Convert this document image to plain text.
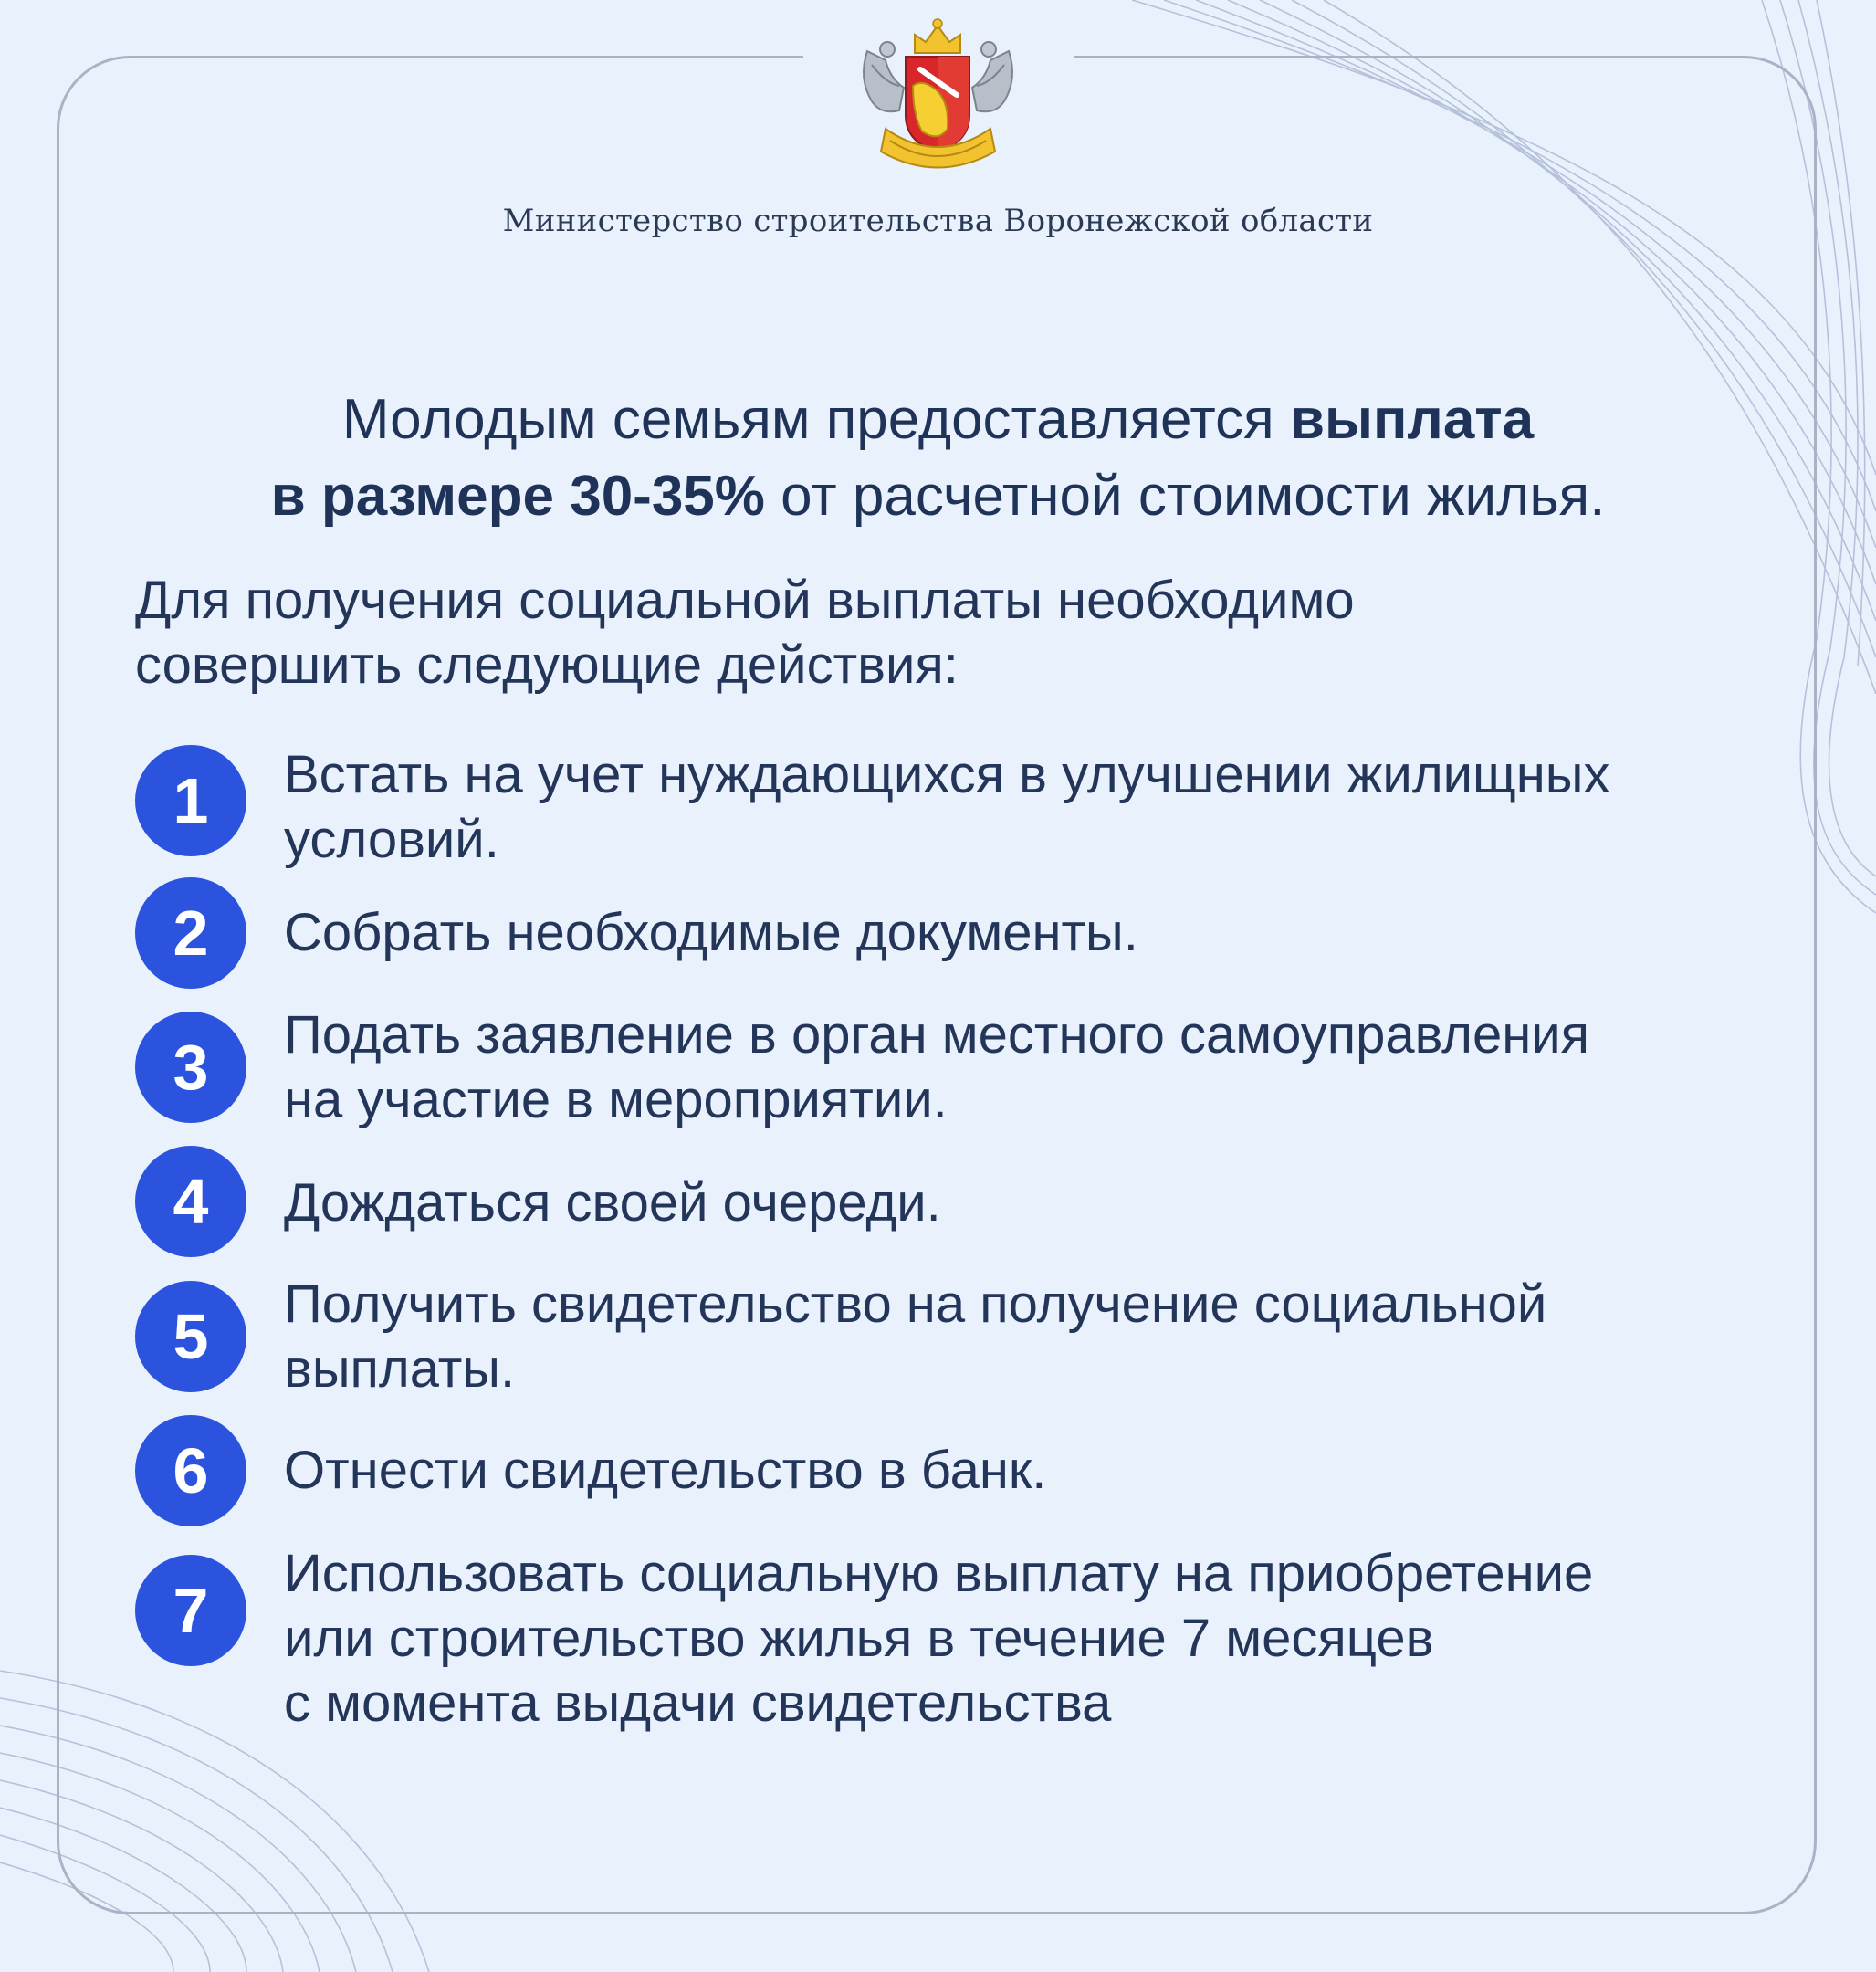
Министерство строительства Воронежской области
Молодым семьям предоставляется выплата
в размере 30-35% от расчетной стоимости жилья.
Для получения социальной выплаты необходимо
совершить следующие действия:
1	Встать на учет нуждающихся в улучшении жилищных
условий.
2	Собрать необходимые документы.
3	Подать заявление в орган местного самоуправления
на участие в мероприятии.
4	Дождаться своей очереди.
5	Получить свидетельство на получение социальной
выплаты.
6	Отнести свидетельство в банк.
7
Использовать социальную выплату на приобретение
или строительство жилья в течение 7 месяцев
с момента выдачи свидетельства
